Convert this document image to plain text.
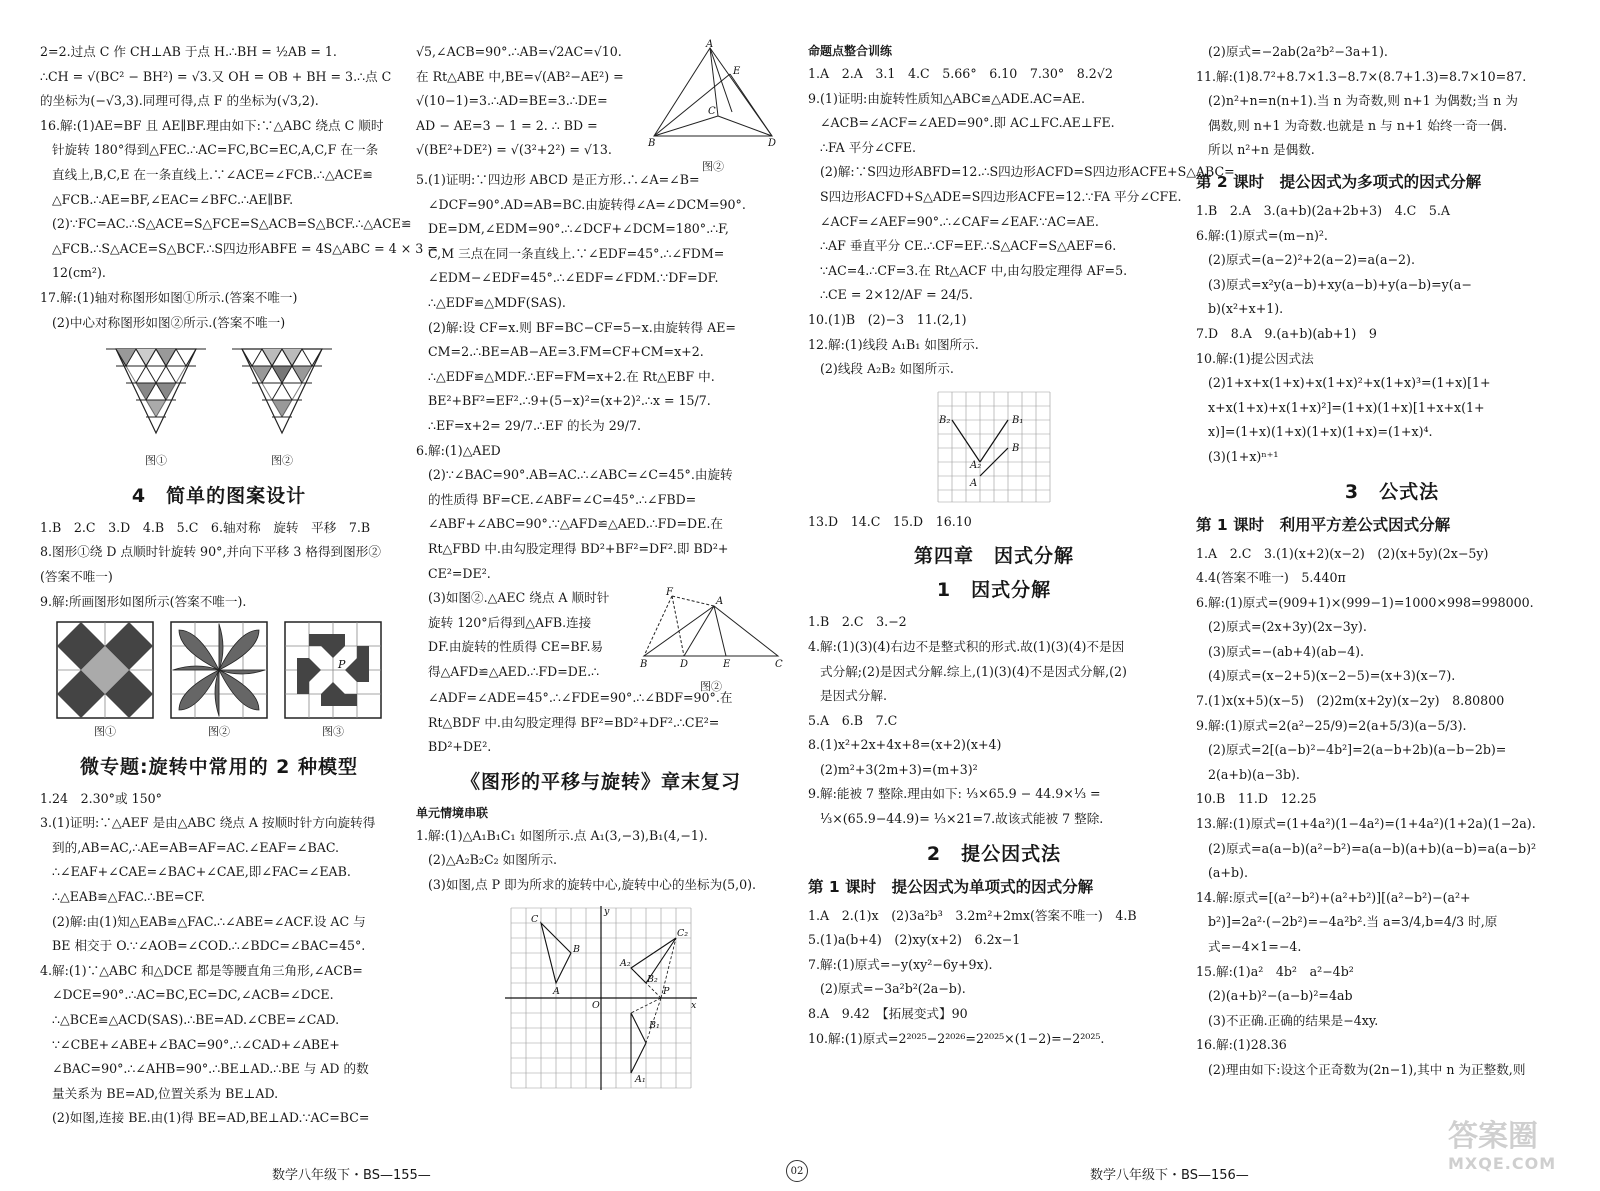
2=2.过点 C 作 CH⊥AB 于点 H.∴BH = ½AB = 1.
∴CH = √(BC² − BH²) = √3.又 OH = OB + BH = 3.∴点 C
的坐标为(−√3,3).同理可得,点 F 的坐标为(√3,2).
16.解:(1)AE=BF 且 AE∥BF.理由如下:∵△ABC 绕点 C 顺时
针旋转 180°得到△FEC.∴AC=FC,BC=EC,A,C,F 在一条
直线上,B,C,E 在一条直线上.∵∠ACE=∠FCB.∴△ACE≌
△FCB.∴AE=BF,∠EAC=∠BFC.∴AE∥BF.
(2)∵FC=AC.∴S△ACE=S△FCE=S△ACB=S△BCF.∴△ACE≌
△FCB.∴S△ACE=S△BCF.∴S四边形ABFE = 4S△ABC = 4 × 3 =
12(cm²).
17.解:(1)轴对称图形如图①所示.(答案不唯一)
(2)中心对称图形如图②所示.(答案不唯一)
图①	图②
4　简单的图案设计
1.B　2.C　3.D　4.B　5.C　6.轴对称　旋转　平移　7.B
8.图形①绕 D 点顺时针旋转 90°,并向下平移 3 格得到图形②
(答案不唯一)
9.解:所画图形如图所示(答案不唯一).
图①	图②
P
图③
微专题:旋转中常用的 2 种模型
1.24　2.30°或 150°
3.(1)证明:∵△AEF 是由△ABC 绕点 A 按顺时针方向旋转得
到的,AB=AC,∴AE=AB=AF=AC.∠EAF=∠BAC.
∴∠EAF+∠CAE=∠BAC+∠CAE,即∠FAC=∠EAB.
∴△EAB≌△FAC.∴BE=CF.
(2)解:由(1)知△EAB≌△FAC.∴∠ABE=∠ACF.设 AC 与
BE 相交于 O.∵∠AOB=∠COD.∴∠BDC=∠BAC=45°.
4.解:(1)∵△ABC 和△DCE 都是等腰直角三角形,∠ACB=
∠DCE=90°.∴AC=BC,EC=DC,∠ACB=∠DCE.
∴△BCE≌△ACD(SAS).∴BE=AD.∠CBE=∠CAD.
∵∠CBE+∠ABE+∠BAC=90°.∴∠CAD+∠ABE+
∠BAC=90°.∴∠AHB=90°.∴BE⊥AD.∴BE 与 AD 的数
量关系为 BE=AD,位置关系为 BE⊥AD.
(2)如图,连接 BE.由(1)得 BE=AD,BE⊥AD.∵AC=BC=
√5,∠ACB=90°.∴AB=√2AC=√10.
在 Rt△ABE 中,BE=√(AB²−AE²) =
√(10−1)=3.∴AD=BE=3.∴DE=
AD − AE=3 − 1 = 2. ∴ BD =
√(BE²+DE²) = √(3²+2²) = √13.
A
E
C
B	D
图②
5.(1)证明:∵四边形 ABCD 是正方形.∴∠A=∠B=
∠DCF=90°.AD=AB=BC.由旋转得∠A=∠DCM=90°.
DE=DM,∠EDM=90°.∴∠DCF+∠DCM=180°.∴F,
C,M 三点在同一条直线上.∵∠EDF=45°.∴∠FDM=
∠EDM−∠EDF=45°.∴∠EDF=∠FDM.∵DF=DF.
∴△EDF≌△MDF(SAS).
(2)解:设 CF=x.则 BF=BC−CF=5−x.由旋转得 AE=
CM=2.∴BE=AB−AE=3.FM=CF+CM=x+2.
∴△EDF≌△MDF.∴EF=FM=x+2.在 Rt△EBF 中.
BE²+BF²=EF².∴9+(5−x)²=(x+2)².∴x = 15/7.
∴EF=x+2= 29/7.∴EF 的长为 29/7.
6.解:(1)△AED
(2)∵∠BAC=90°.AB=AC.∴∠ABC=∠C=45°.由旋转
的性质得 BF=CE.∠ABF=∠C=45°.∴∠FBD=
∠ABF+∠ABC=90°.∵△AFD≌△AED.∴FD=DE.在
Rt△FBD 中.由勾股定理得 BD²+BF²=DF².即 BD²+
CE²=DE².
(3)如图②.△AEC 绕点 A 顺时针
旋转 120°后得到△AFB.连接
DF.由旋转的性质得 CE=BF.易
得△AFD≌△AED.∴FD=DE.∴
F
A
B	D	E	C
图②
∠ADF=∠ADE=45°.∴∠FDE=90°.∴∠BDF=90°.在
Rt△BDF 中.由勾股定理得 BF²=BD²+DF².∴CE²=
BD²+DE².
《图形的平移与旋转》章末复习
单元情境串联
1.解:(1)△A₁B₁C₁ 如图所示.点 A₁(3,−3),B₁(4,−1).
(2)△A₂B₂C₂ 如图所示.
(3)如图,点 P 即为所求的旋转中心,旋转中心的坐标为(5,0).
C
B
A
C₂
A₂
B₂
B₁
A₁
P
x
y
O
命题点整合训练
1.A　2.A　3.1　4.C　5.66°　6.10　7.30°　8.2√2
9.(1)证明:由旋转性质知△ABC≌△ADE.AC=AE.
∠ACB=∠ACF=∠AED=90°.即 AC⊥FC.AE⊥FE.
∴FA 平分∠CFE.
(2)解:∵S四边形ABFD=12.∴S四边形ACFD=S四边形ACFE+S△ABC=
S四边形ACFD+S△ADE=S四边形ACFE=12.∵FA 平分∠CFE.
∠ACF=∠AEF=90°.∴∠CAF=∠EAF.∵AC=AE.
∴AF 垂直平分 CE.∴CF=EF.∴S△ACF=S△AEF=6.
∵AC=4.∴CF=3.在 Rt△ACF 中,由勾股定理得 AF=5.
∴CE = 2×12/AF = 24/5.
10.(1)B　(2)−3　11.(2,1)
12.解:(1)线段 A₁B₁ 如图所示.
(2)线段 A₂B₂ 如图所示.
B₂	B₁
B
A₂
A
13.D　14.C　15.D　16.10
第四章　因式分解
1　因式分解
1.B　2.C　3.−2
4.解:(1)(3)(4)右边不是整式积的形式.故(1)(3)(4)不是因
式分解;(2)是因式分解.综上,(1)(3)(4)不是因式分解,(2)
是因式分解.
5.A　6.B　7.C
8.(1)x²+2x+4x+8=(x+2)(x+4)
(2)m²+3(2m+3)=(m+3)²
9.解:能被 7 整除.理由如下: ⅓×65.9 − 44.9×⅓ =
⅓×(65.9−44.9)= ⅓×21=7.故该式能被 7 整除.
2　提公因式法
第 1 课时　提公因式为单项式的因式分解
1.A　2.(1)x　(2)3a²b³　3.2m²+2mx(答案不唯一)　4.B
5.(1)a(b+4)　(2)xy(x+2)　6.2x−1
7.解:(1)原式=−y(xy²−6y+9x).
(2)原式=−3a²b²(2a−b).
8.A　9.42　【拓展变式】90
10.解:(1)原式=2²⁰²⁵−2²⁰²⁶=2²⁰²⁵×(1−2)=−2²⁰²⁵.
(2)原式=−2ab(2a²b²−3a+1).
11.解:(1)8.7²+8.7×1.3−8.7×(8.7+1.3)=8.7×10=87.
(2)n²+n=n(n+1).当 n 为奇数,则 n+1 为偶数;当 n 为
偶数,则 n+1 为奇数.也就是 n 与 n+1 始终一奇一偶.
所以 n²+n 是偶数.
第 2 课时　提公因式为多项式的因式分解
1.B　2.A　3.(a+b)(2a+2b+3)　4.C　5.A
6.解:(1)原式=(m−n)².
(2)原式=(a−2)²+2(a−2)=a(a−2).
(3)原式=x²y(a−b)+xy(a−b)+y(a−b)=y(a−
b)(x²+x+1).
7.D　8.A　9.(a+b)(ab+1)　9
10.解:(1)提公因式法
(2)1+x+x(1+x)+x(1+x)²+x(1+x)³=(1+x)[1+
x+x(1+x)+x(1+x)²]=(1+x)(1+x)[1+x+x(1+
x)]=(1+x)(1+x)(1+x)(1+x)=(1+x)⁴.
(3)(1+x)ⁿ⁺¹
3　公式法
第 1 课时　利用平方差公式因式分解
1.A　2.C　3.(1)(x+2)(x−2)　(2)(x+5y)(2x−5y)
4.4(答案不唯一)　5.440π
6.解:(1)原式=(909+1)×(999−1)=1000×998=998000.
(2)原式=(2x+3y)(2x−3y).
(3)原式=−(ab+4)(ab−4).
(4)原式=(x−2+5)(x−2−5)=(x+3)(x−7).
7.(1)x(x+5)(x−5)　(2)2m(x+2y)(x−2y)　8.80800
9.解:(1)原式=2(a²−25/9)=2(a+5/3)(a−5/3).
(2)原式=2[(a−b)²−4b²]=2(a−b+2b)(a−b−2b)=
2(a+b)(a−3b).
10.B　11.D　12.25
13.解:(1)原式=(1+4a²)(1−4a²)=(1+4a²)(1+2a)(1−2a).
(2)原式=a(a−b)(a²−b²)=a(a−b)(a+b)(a−b)=a(a−b)²
(a+b).
14.解:原式=[(a²−b²)+(a²+b²)][(a²−b²)−(a²+
b²)]=2a²·(−2b²)=−4a²b².当 a=3/4,b=4/3 时,原
式=−4×1=−4.
15.解:(1)a²　4b²　a²−4b²
(2)(a+b)²−(a−b)²=4ab
(3)不正确.正确的结果是−4xy.
16.解:(1)28.36
(2)理由如下:设这个正奇数为(2n−1),其中 n 为正整数,则
数学八年级下・BS—155—	02	数学八年级下・BS—156—
答案圈
MXQE.COM
